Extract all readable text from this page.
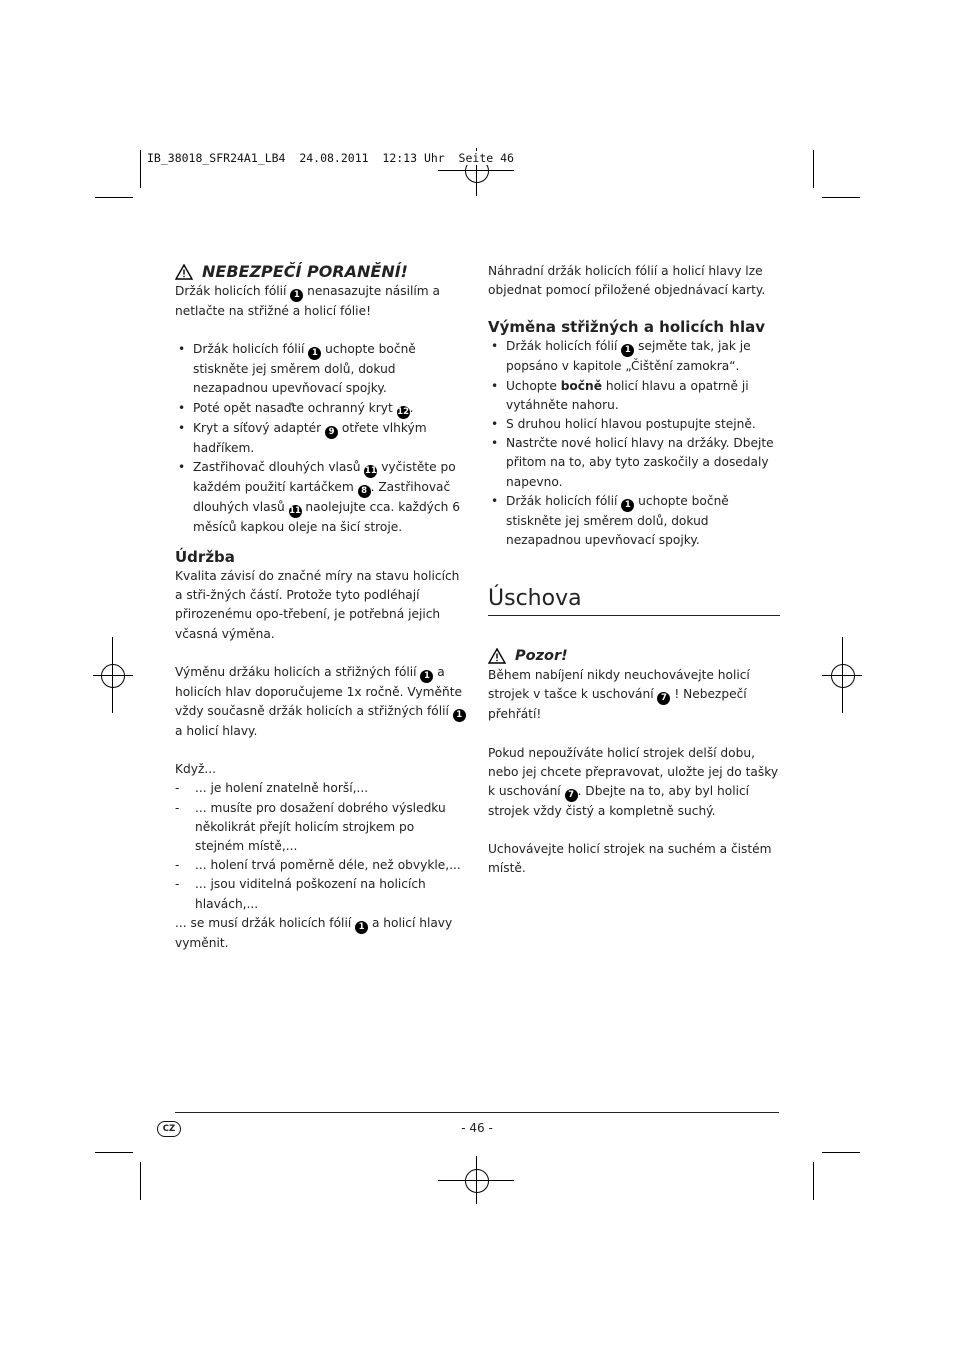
IB_38018_SFR24A1_LB4  24.08.2011  12:13 Uhr  Seite 46
NEBEZPEČÍ PORANĚNÍ!

Držák holicích fólií 1 nenasazujte násilím a netlačte na střižné a holicí fólie!

• Držák holicích fólií 1 uchopte bočně stiskněte jej směrem dolů, dokud nezapadnou upevňovací spojky.
• Poté opět nasaďte ochranný kryt 12.
• Kryt a síťový adaptér 9 otřete vlhkým hadříkem.
• Zastřihovač dlouhých vlasů 11 vyčistěte po každém použití kartáčkem 8 . Zastřihovač dlouhých vlasů 11 naolejujte cca. každých 6 měsíců kapkou oleje na šicí stroje.
Údržba

Kvalita závisí do značné míry na stavu holicích a stři-žných částí. Protože tyto podléhají přirozenému opo-třebení, je potřebná jejich včasná výměna.

Výměnu držáku holicích a střižných fólií 1 a holicích hlav doporučujeme 1x ročně. Vyměňte vždy současně držák holicích a střižných fólií 1 a holicí hlavy.

Když...

- ... je holení znatelně horší,...
- ... musíte pro dosažení dobrého výsledku několikrát přejít holicím strojkem po stejném místě,...
- ... holení trvá poměrně déle, než obvykle,...
- ... jsou viditelná poškození na holicích hlavách,...

... se musí držák holicích fólií 1 a holicí hlavy vyměnit.

Náhradní držák holicích fólií a holicí hlavy lze objednat pomocí přiložené objednávací karty.

Výměna střižných a holicích hlav
• Držák holicích fólií 1 sejměte tak, jak je popsáno v kapitole „Čištění zamokra“.
• Uchopte bočně holicí hlavu a opatrně ji vytáhněte nahoru.
• S druhou holicí hlavou postupujte stejně.
• Nastrčte nové holicí hlavy na držáky. Dbejte přitom na to, aby tyto zaskočily a dosedaly napevno.
• Držák holicích fólií 1 uchopte bočně stiskněte jej směrem dolů, dokud nezapadnou upevňovací spojky.
Úschova
Pozor!

Během nabíjení nikdy neuchovávejte holicí strojek v tašce k uschování 7 ! Nebezpečí přehřátí!

Pokud nepoužíváte holicí strojek delší dobu, nebo jej chcete přepravovat, uložte jej do tašky k uschování 7 . Dbejte na to, aby byl holicí strojek vždy čistý a kompletně suchý.

Uchovávejte holicí strojek na suchém a čistém místě.

CZ	- 46 -
